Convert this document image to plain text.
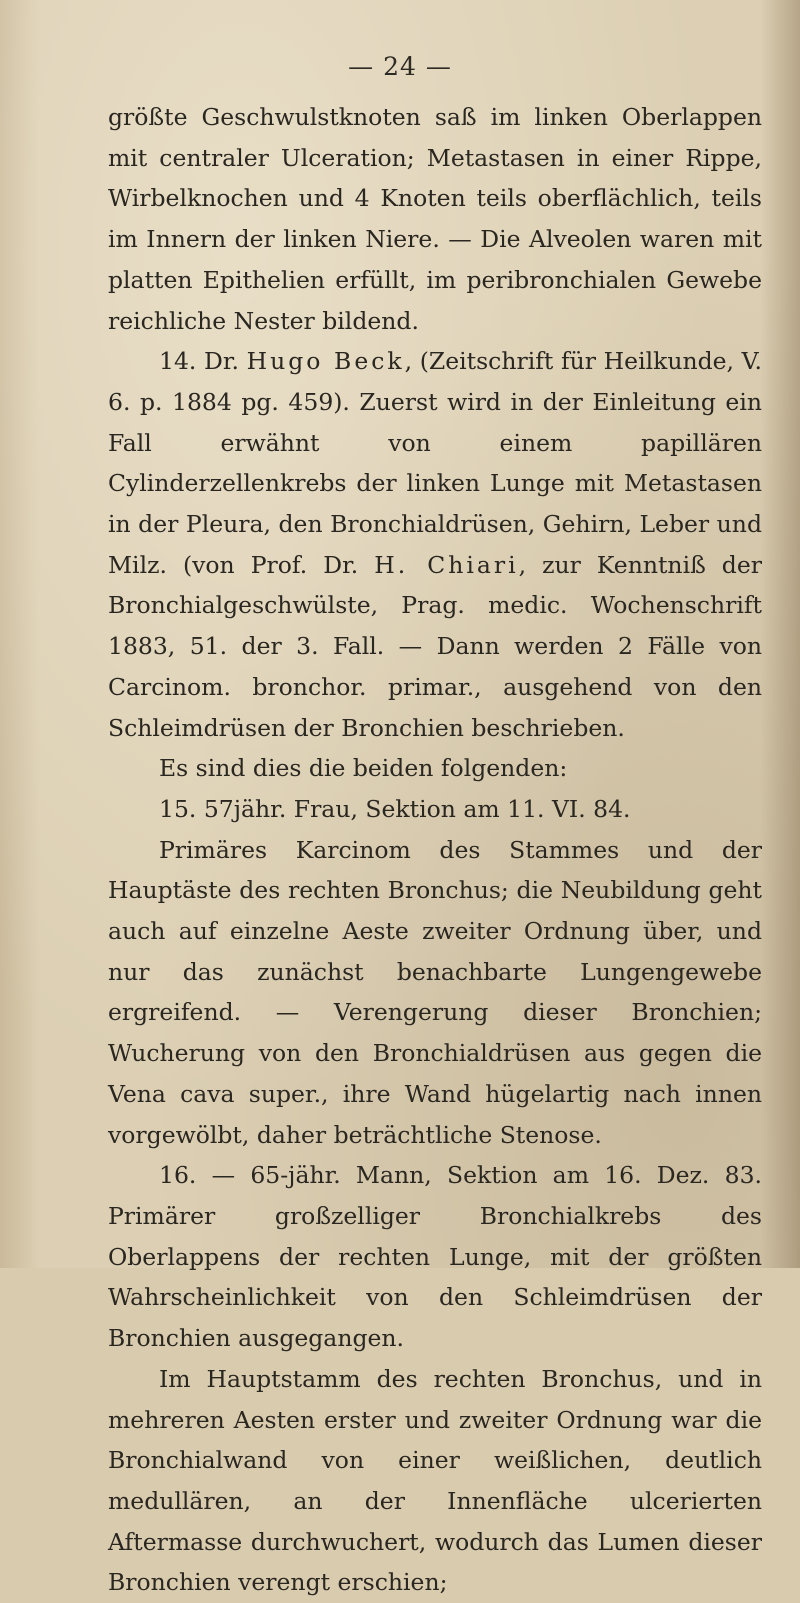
— 24 —

größte Geschwulstknoten saß im linken Oberlappen mit centraler Ulceration; Metastasen in einer Rippe, Wirbelknochen und 4 Knoten teils oberflächlich, teils im Innern der linken Niere. — Die Alveolen waren mit platten Epithelien erfüllt, im peribronchialen Gewebe reichliche Nester bildend.

14. Dr. Hugo Beck, (Zeitschrift für Heilkunde, V. 6. p. 1884 pg. 459). Zuerst wird in der Einleitung ein Fall erwähnt von einem papillären Cylinderzellenkrebs der linken Lunge mit Metastasen in der Pleura, den Bronchialdrüsen, Gehirn, Leber und Milz. (von Prof. Dr. H. Chiari, zur Kenntniß der Bronchialgeschwülste, Prag. medic. Wochenschrift 1883, 51. der 3. Fall. — Dann werden 2 Fälle von Carcinom. bronchor. primar., ausgehend von den Schleimdrüsen der Bronchien beschrieben.

Es sind dies die beiden folgenden:

15. 57jähr. Frau, Sektion am 11. VI. 84.

Primäres Karcinom des Stammes und der Hauptäste des rechten Bronchus; die Neubildung geht auch auf einzelne Aeste zweiter Ordnung über, und nur das zunächst benachbarte Lungengewebe ergreifend. — Verengerung dieser Bronchien; Wucherung von den Bronchialdrüsen aus gegen die Vena cava super., ihre Wand hügelartig nach innen vorgewölbt, daher beträchtliche Stenose.

16. — 65-jähr. Mann, Sektion am 16. Dez. 83. Primärer großzelliger Bronchialkrebs des Oberlappens der rechten Lunge, mit der größten Wahrscheinlichkeit von den Schleimdrüsen der Bronchien ausgegangen.

Im Hauptstamm des rechten Bronchus, und in mehreren Aesten erster und zweiter Ordnung war die Bronchialwand von einer weißlichen, deutlich medullären, an der Innenfläche ulcerierten Aftermasse durchwuchert, wodurch das Lumen dieser Bronchien verengt erschien;
